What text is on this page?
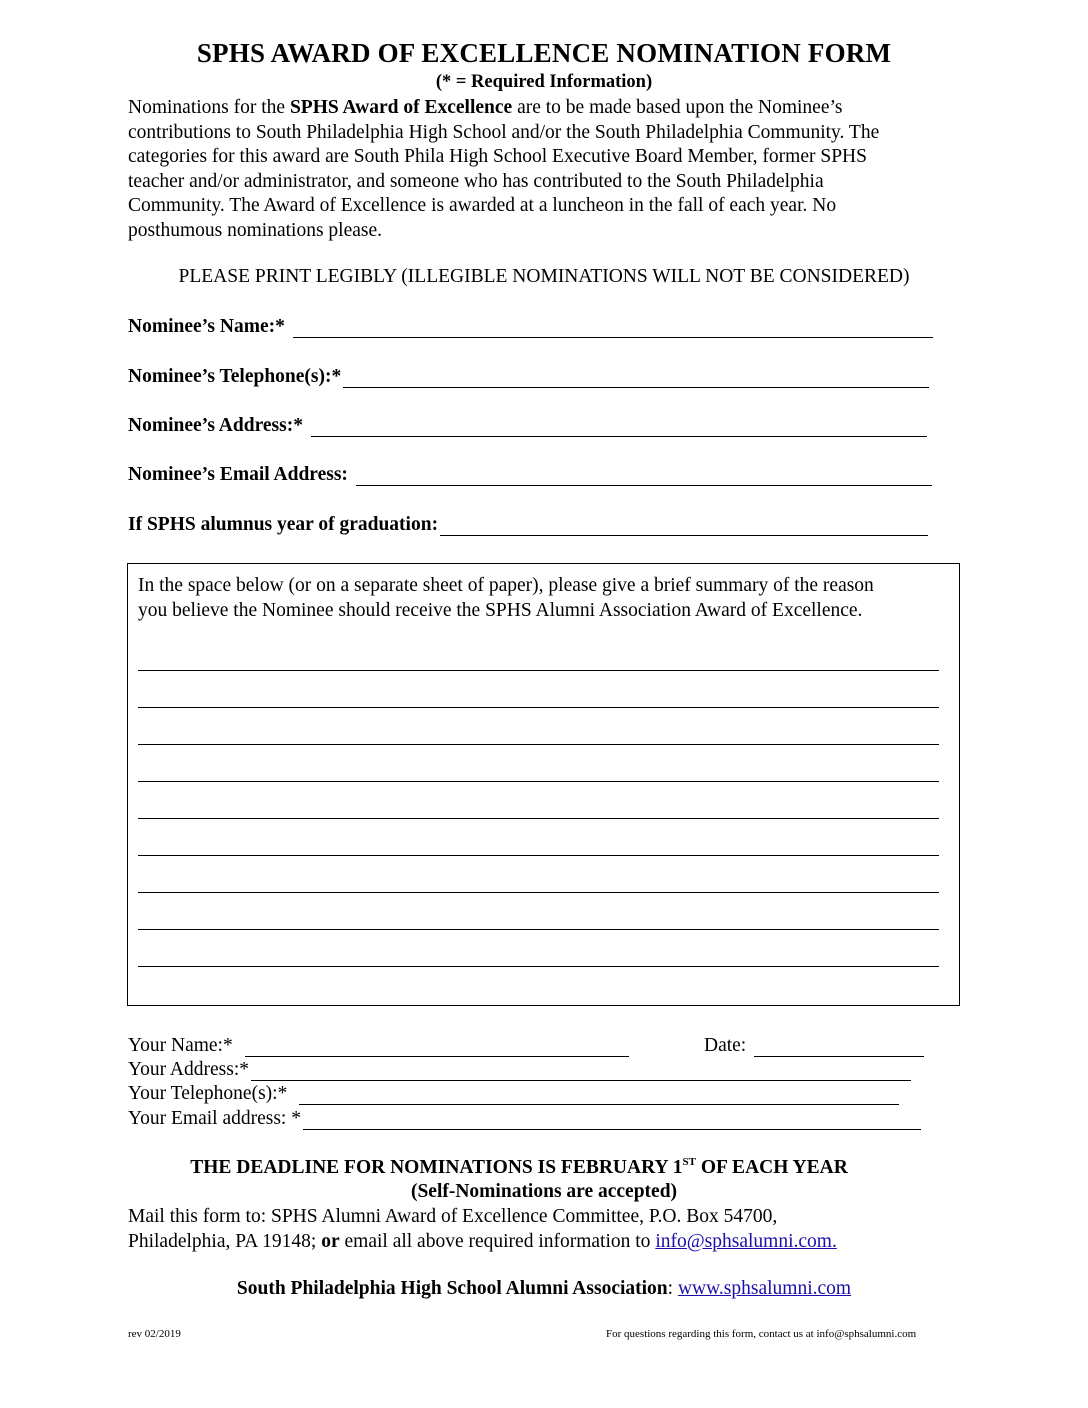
SPHS AWARD OF EXCELLENCE NOMINATION FORM
(* = Required Information)
Nominations for the SPHS Award of Excellence are to be made based upon the Nominee’s
contributions to South Philadelphia High School and/or the South Philadelphia Community. The
categories for this award are South Phila High School Executive Board Member, former SPHS
teacher and/or administrator, and someone who has contributed to the South Philadelphia
Community. The Award of Excellence is awarded at a luncheon in the fall of each year. No
posthumous nominations please.
PLEASE PRINT LEGIBLY (ILLEGIBLE NOMINATIONS WILL NOT BE CONSIDERED)
Nominee’s Name:*
Nominee’s Telephone(s):*
Nominee’s Address:*
Nominee’s Email Address:
If SPHS alumnus year of graduation:
In the space below (or on a separate sheet of paper), please give a brief summary of the reason
you believe the Nominee should receive the SPHS Alumni Association Award of Excellence.
Your Name:*	Date:
Your Address:*
Your Telephone(s):*
Your Email address: *
THE DEADLINE FOR NOMINATIONS IS FEBRUARY 1ST OF EACH YEAR
(Self-Nominations are accepted)
Mail this form to: SPHS Alumni Award of Excellence Committee, P.O. Box 54700,
Philadelphia, PA 19148; or email all above required information to info@sphsalumni.com.
South Philadelphia High School Alumni Association: www.sphsalumni.com
rev 02/2019	For questions regarding this form, contact us at info@sphsalumni.com
